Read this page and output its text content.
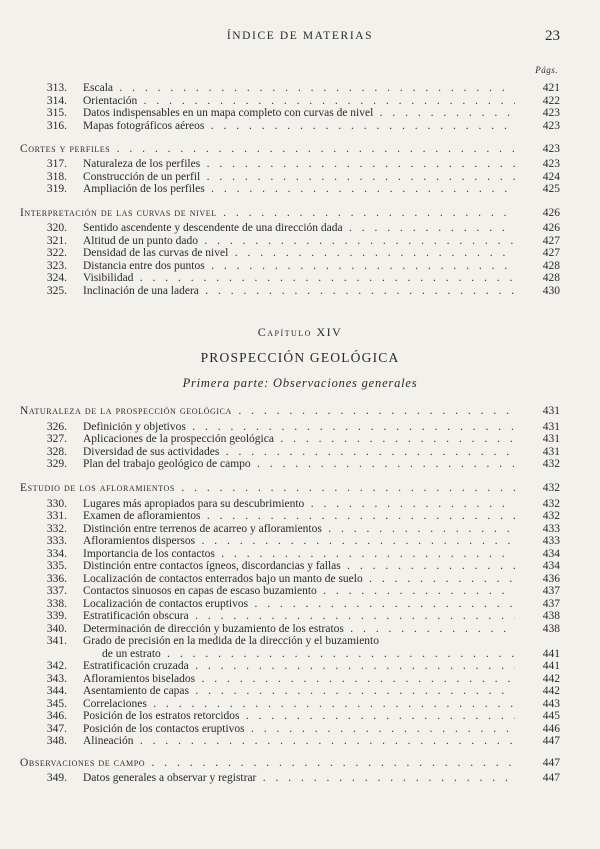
ÍNDICE DE MATERIAS	23
Págs.
313. Escala . . .	421
314. Orientación . . .	422
315. Datos indispensables en un mapa completo con curvas de nivel . . .	423
316. Mapas fotográficos aéreos . . .	423
Cortes y perfiles . . .	423
317. Naturaleza de los perfiles . . .	423
318. Construcción de un perfil . . .	424
319. Ampliación de los perfiles . . .	425
Interpretación de las curvas de nivel . . .	426
320. Sentido ascendente y descendente de una dirección dada . . .	426
321. Altitud de un punto dado . . .	427
322. Densidad de las curvas de nivel . . .	427
323. Distancia entre dos puntos . . .	428
324. Visibilidad . . .	428
325. Inclinación de una ladera . . .	430
Capítulo XIV
PROSPECCIÓN GEOLÓGICA
Primera parte: Observaciones generales
Naturaleza de la prospección geológica . . .	431
326. Definición y objetivos . . .	431
327. Aplicaciones de la prospección geológica . . .	431
328. Diversidad de sus actividades . . .	431
329. Plan del trabajo geológico de campo . . .	432
Estudio de los afloramientos . . .	432
330. Lugares más apropiados para su descubrimiento . . .	432
331. Examen de afloramientos . . .	432
332. Distinción entre terrenos de acarreo y afloramientos . . .	433
333. Afloramientos dispersos . . .	433
334. Importancia de los contactos . . .	434
335. Distinción entre contactos ígneos, discordancias y fallas . . .	434
336. Localización de contactos enterrados bajo un manto de suelo . . .	436
337. Contactos sinuosos en capas de escaso buzamiento . . .	437
338. Localización de contactos eruptivos . . .	437
339. Estratificación obscura . . .	438
340. Determinación de dirección y buzamiento de los estratos . . .	438
341. Grado de precisión en la medida de la dirección y el buzamiento
de un estrato . . .	441
342. Estratificación cruzada . . .	441
343. Afloramientos biselados . . .	442
344. Asentamiento de capas . . .	442
345. Correlaciones . . .	443
346. Posición de los estratos retorcidos . . .	445
347. Posición de los contactos eruptivos . . .	446
348. Alineación . . .	447
Observaciones de campo . . .	447
349. Datos generales a observar y registrar . . .	447
